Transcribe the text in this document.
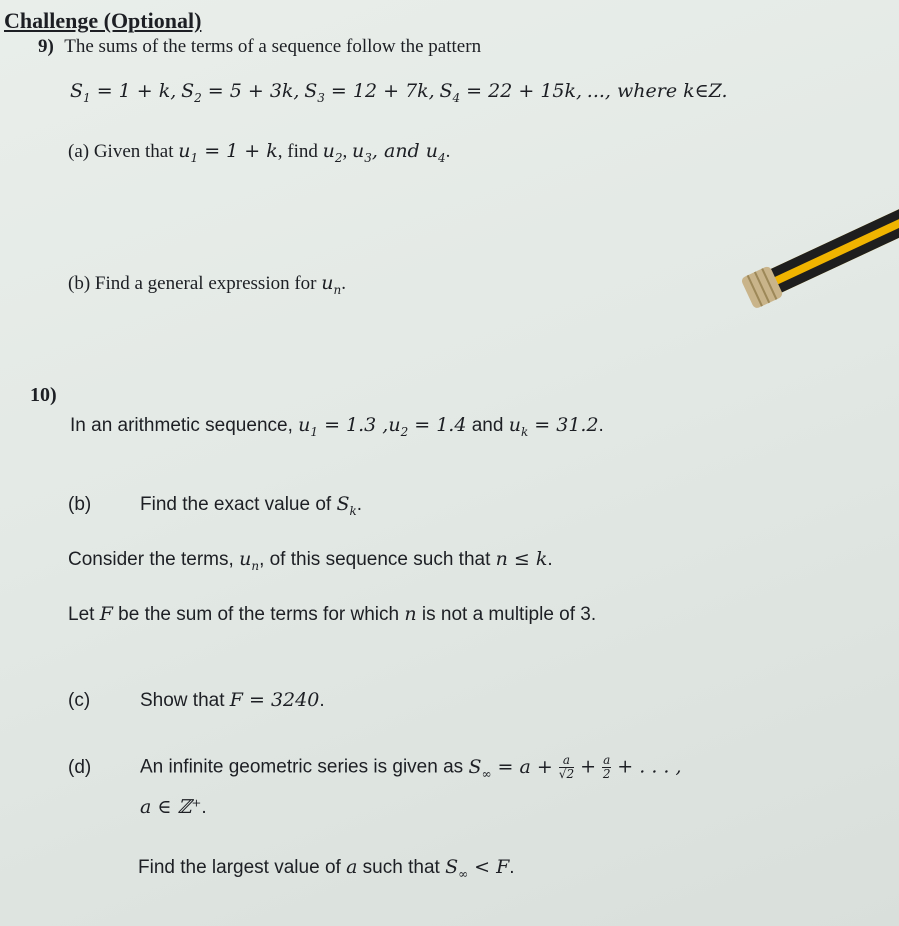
Challenge (Optional)
9) The sums of the terms of a sequence follow the pattern
$S_1 = 1 + k$, $S_2 = 5 + 3k$, $S_3 = 12 + 7k$, $S_4 = 22 + 15k$, ..., where k∈Z.
(a) Given that $u_1 = 1 + k$, find $u_2$, $u_3$, and $u_4$.
(b) Find a general expression for $u_n$.
10)
In an arithmetic sequence, $u_1 = 1.3$ $,u_2 = 1.4$ and $u_k = 31.2$.
(b)	Find the exact value of $S_k$.
Consider the terms, $u_n$, of this sequence such that n ≤ k.
Let F be the sum of the terms for which n is not a multiple of 3.
(c)	Show that F = 3240.
(d)	An infinite geometric series is given as $S_\infty = a + \frac{a}{√2} + \frac{a}{2}$ + . . . ,
a ∈ ℤ⁺.
Find the largest value of a such that $S_\infty < F$.
